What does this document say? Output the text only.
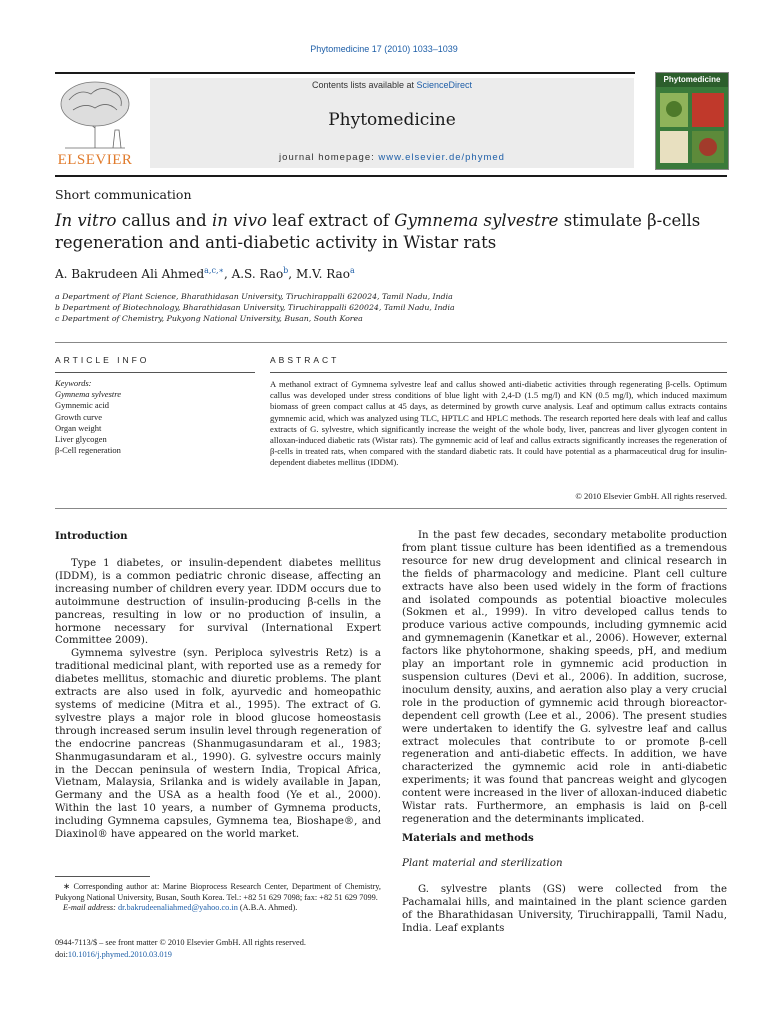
Phytomedicine 17 (2010) 1033–1039
ELSEVIER
Contents lists available at ScienceDirect
Phytomedicine
journal homepage: www.elsevier.de/phymed
Phytomedicine
Short communication
In vitro callus and in vivo leaf extract of Gymnema sylvestre stimulate β-cells regeneration and anti-diabetic activity in Wistar rats
A. Bakrudeen Ali Ahmed$^{a,c,∗}$, A.S. Rao$^b$, M.V. Rao$^a$
a Department of Plant Science, Bharathidasan University, Tiruchirappalli 620024, Tamil Nadu, India
b Department of Biotechnology, Bharathidasan University, Tiruchirappalli 620024, Tamil Nadu, India
c Department of Chemistry, Pukyong National University, Busan, South Korea
ARTICLE INFO	ABSTRACT
Keywords:
Gymnema sylvestre
Gymnemic acid
Growth curve
Organ weight
Liver glycogen
β-Cell regeneration
A methanol extract of Gymnema sylvestre leaf and callus showed anti-diabetic activities through regenerating β-cells. Optimum callus was developed under stress conditions of blue light with 2,4-D (1.5 mg/l) and KN (0.5 mg/l), which induced maximum biomass of green compact callus at 45 days, as determined by growth curve analysis. Leaf and optimum callus extracts contains gymnemic acid, which was analyzed using TLC, HPTLC and HPLC methods. The research reported here deals with leaf and callus extracts of G. sylvestre, which significantly increase the weight of the whole body, liver, pancreas and liver glycogen content in alloxan-induced diabetic rats (Wistar rats). The gymnemic acid of leaf and callus extracts significantly increases the regeneration of β-cells in treated rats, when compared with the standard diabetic rats. It could have potential as a pharmaceutical drug for insulin-dependent diabetes mellitus (IDDM).
© 2010 Elsevier GmbH. All rights reserved.
Introduction

Type 1 diabetes, or insulin-dependent diabetes mellitus (IDDM), is a common pediatric chronic disease, affecting an increasing number of children every year. IDDM occurs due to autoimmune destruction of insulin-producing β-cells in the pancreas, resulting in low or no production of insulin, a hormone necessary for survival (International Expert Committee 2009).

Gymnema sylvestre (syn. Periploca sylvestris Retz) is a traditional medicinal plant, with reported use as a remedy for diabetes mellitus, stomachic and diuretic problems. The plant extracts are also used in folk, ayurvedic and homeopathic systems of medicine (Mitra et al., 1995). The extract of G. sylvestre plays a major role in blood glucose homeostasis through increased serum insulin level through regeneration of the endocrine pancreas (Shanmugasundaram et al., 1983; Shanmugasundaram et al., 1990). G. sylvestre occurs mainly in the Deccan peninsula of western India, Tropical Africa, Vietnam, Malaysia, Srilanka and is widely available in Japan, Germany and the USA as a health food (Ye et al., 2000). Within the last 10 years, a number of Gymnema products, including Gymnema capsules, Gymnema tea, Bioshape®, and Diaxinol® have appeared on the world market.

In the past few decades, secondary metabolite production from plant tissue culture has been identified as a tremendous resource for new drug development and clinical research in the fields of pharmacology and medicine. Plant cell culture extracts have also been used widely in the form of fractions and isolated compounds as potential bioactive molecules (Sokmen et al., 1999). In vitro developed callus tends to produce various active compounds, including gymnemic acid and gymnemagenin (Kanetkar et al., 2006). However, external factors like phytohormone, shaking speeds, pH, and medium play an important role in gymnemic acid production in suspension cultures (Devi et al., 2006). In addition, sucrose, inoculum density, auxins, and aeration also play a very crucial role in the production of gymnemic acid through bioreactor-dependent cell growth (Lee et al., 2006). The present studies were undertaken to identify the G. sylvestre leaf and callus extract molecules that contribute to or promote β-cell regeneration and anti-diabetic effects. In addition, we have characterized the gymnemic acid role in anti-diabetic experiments; it was found that pancreas weight and glycogen content were increased in the liver of alloxan-induced diabetic Wistar rats. Furthermore, an emphasis is laid on β-cell regeneration and the determinants implicated.

Materials and methods
Plant material and sterilization

G. sylvestre plants (GS) were collected from the Pachamalai hills, and maintained in the plant science garden of the Bharathidasan University, Tiruchirappalli, Tamil Nadu, India. Leaf explants

∗ Corresponding author at: Marine Bioprocess Research Center, Department of Chemistry, Pukyong National University, Busan, South Korea. Tel.: +82 51 629 7098; fax: +82 51 629 7099.

E-mail address: dr.bakrudeenaliahmed@yahoo.co.in (A.B.A. Ahmed).

0944-7113/$ – see front matter © 2010 Elsevier GmbH. All rights reserved.
doi:10.1016/j.phymed.2010.03.019
